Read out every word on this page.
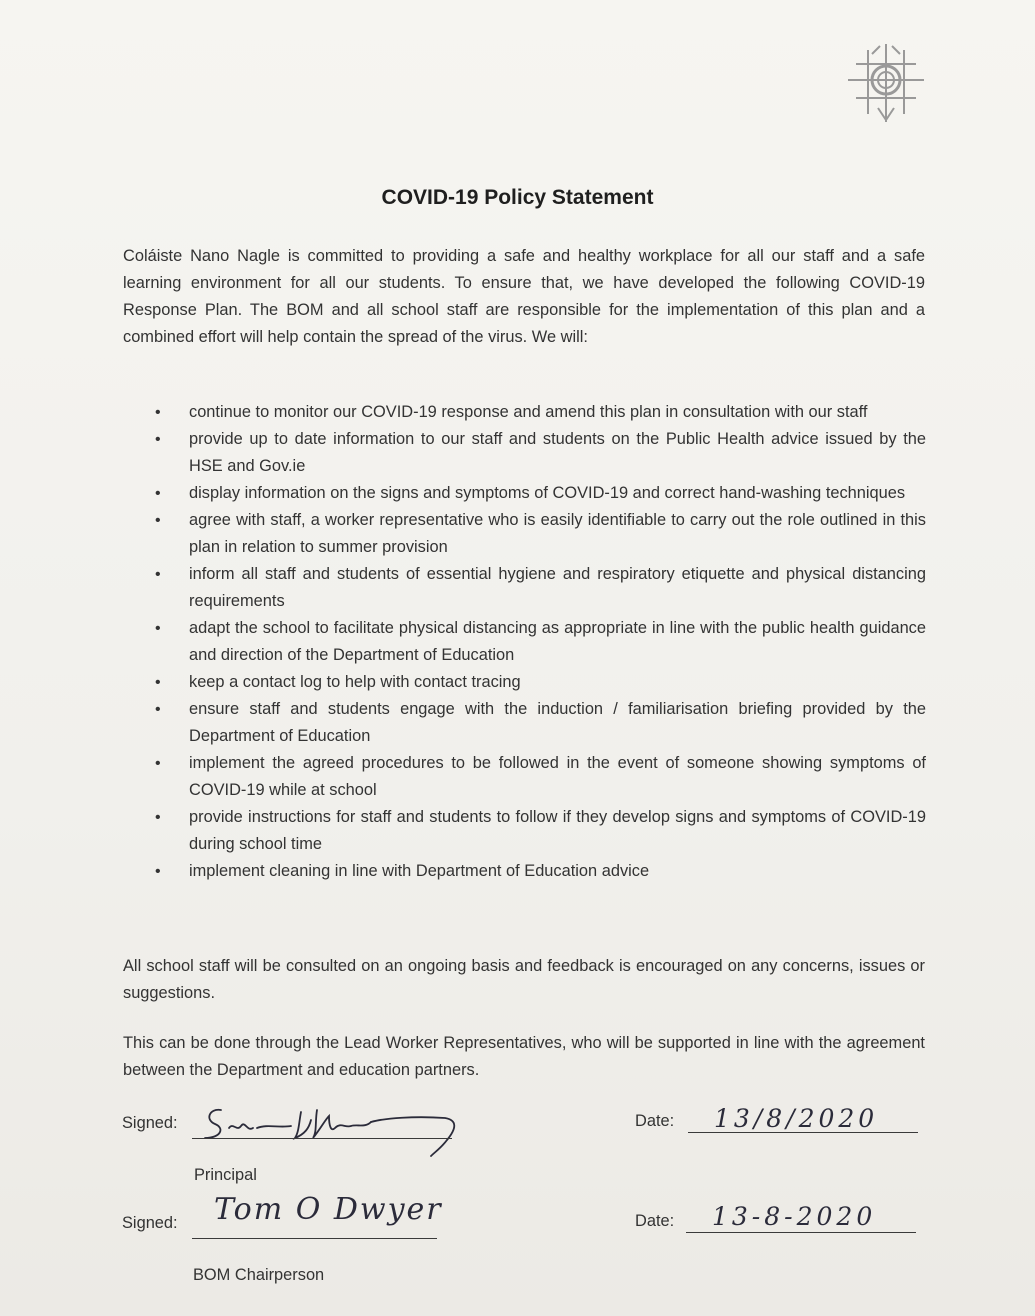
COVID-19 Policy Statement
Coláiste Nano Nagle is committed to providing a safe and healthy workplace for all our staff and a safe learning environment for all our students. To ensure that, we have developed the following COVID-19 Response Plan. The BOM and all school staff are responsible for the implementation of this plan and a combined effort will help contain the spread of the virus. We will:
• continue to monitor our COVID-19 response and amend this plan in consultation with our staff
• provide up to date information to our staff and students on the Public Health advice issued by the HSE and Gov.ie
• display information on the signs and symptoms of COVID-19 and correct hand-washing techniques
• agree with staff, a worker representative who is easily identifiable to carry out the role outlined in this plan in relation to summer provision
• inform all staff and students of essential hygiene and respiratory etiquette and physical distancing requirements
• adapt the school to facilitate physical distancing as appropriate in line with the public health guidance and direction of the Department of Education
• keep a contact log to help with contact tracing
• ensure staff and students engage with the induction / familiarisation briefing provided by the Department of Education
• implement the agreed procedures to be followed in the event of someone showing symptoms of COVID-19 while at school
• provide instructions for staff and students to follow if they develop signs and symptoms of COVID-19 during school time
• implement cleaning in line with Department of Education advice
All school staff will be consulted on an ongoing basis and feedback is encouraged on any concerns, issues or suggestions.
This can be done through the Lead Worker Representatives, who will be supported in line with the agreement between the Department and education partners.
Signed:	Date: 13/8/2020
Principal
Signed: Tom O Dwyer	Date: 13-8-2020
BOM Chairperson
